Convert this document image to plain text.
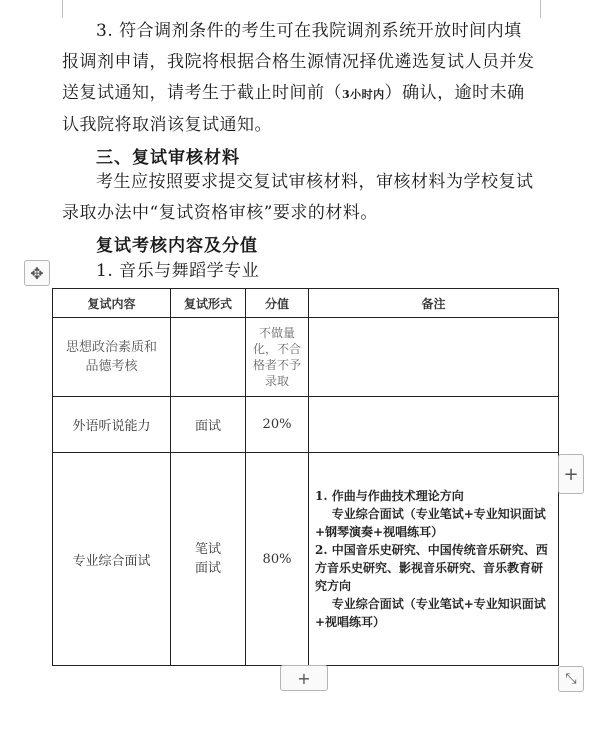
3. 符合调剂条件的考生可在我院调剂系统开放时间内填
报调剂申请，我院将根据合格生源情况择优遴选复试人员并发
送复试通知，请考生于截止时间前（3小时内）确认，逾时未确
认我院将取消该复试通知。
三、复试审核材料
考生应按照要求提交复试审核材料，审核材料为学校复试
录取办法中“复试资格审核”要求的材料。
复试考核内容及分值
✥	1. 音乐与舞蹈学专业
复试内容	复试形式	分值	备注
思想政治素质和品德考核		不做量化，不合格者不予录取	
外语听说能力	面试	20%	
专业综合面试	笔试面试	80%	1. 作曲与作曲技术理论方向
专业综合面试（专业笔试+专业知识面试+钢琴演奏+视唱练耳）
2. 中国音乐史研究、中国传统音乐研究、西方音乐史研究、影视音乐研究、音乐教育研究方向
专业综合面试（专业笔试+专业知识面试+视唱练耳）
+
+	⤡
